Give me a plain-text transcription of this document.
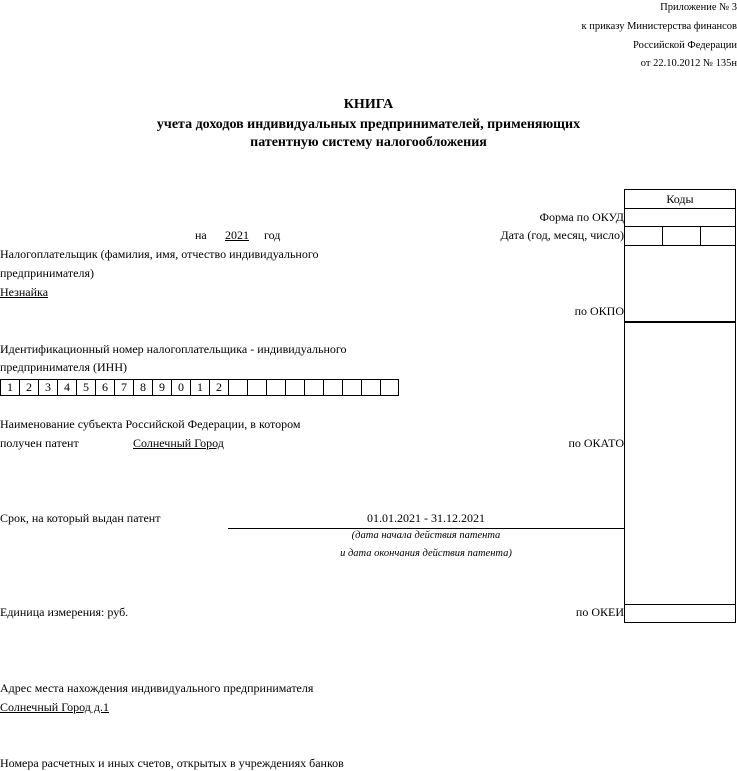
Приложение № 3
к приказу Министерства финансов
Российской Федерации
от 22.10.2012 № 135н
КНИГА
учета доходов индивидуальных предпринимателей, применяющих
патентную систему налогообложения
Коды
Форма по ОКУД
на 2021 год	Дата (год, месяц, число)
Налогоплательщик (фамилия, имя, отчество индивидуального
предпринимателя)
Незнайка
по ОКПО
Идентификационный номер налогоплательщика - индивидуального
предпринимателя (ИНН)
1	2	3	4	5	6	7	8	9	0	1	2
Наименование субъекта Российской Федерации, в котором
получен патент	Солнечный Город	по ОКАТО
Срок, на который выдан патент	01.01.2021 - 31.12.2021
(дата начала действия патента
и дата окончания действия патента)
Единица измерения: руб.	по ОКЕИ
Адрес места нахождения индивидуального предпринимателя
Солнечный Город д.1
Номера расчетных и иных счетов, открытых в учреждениях банков
